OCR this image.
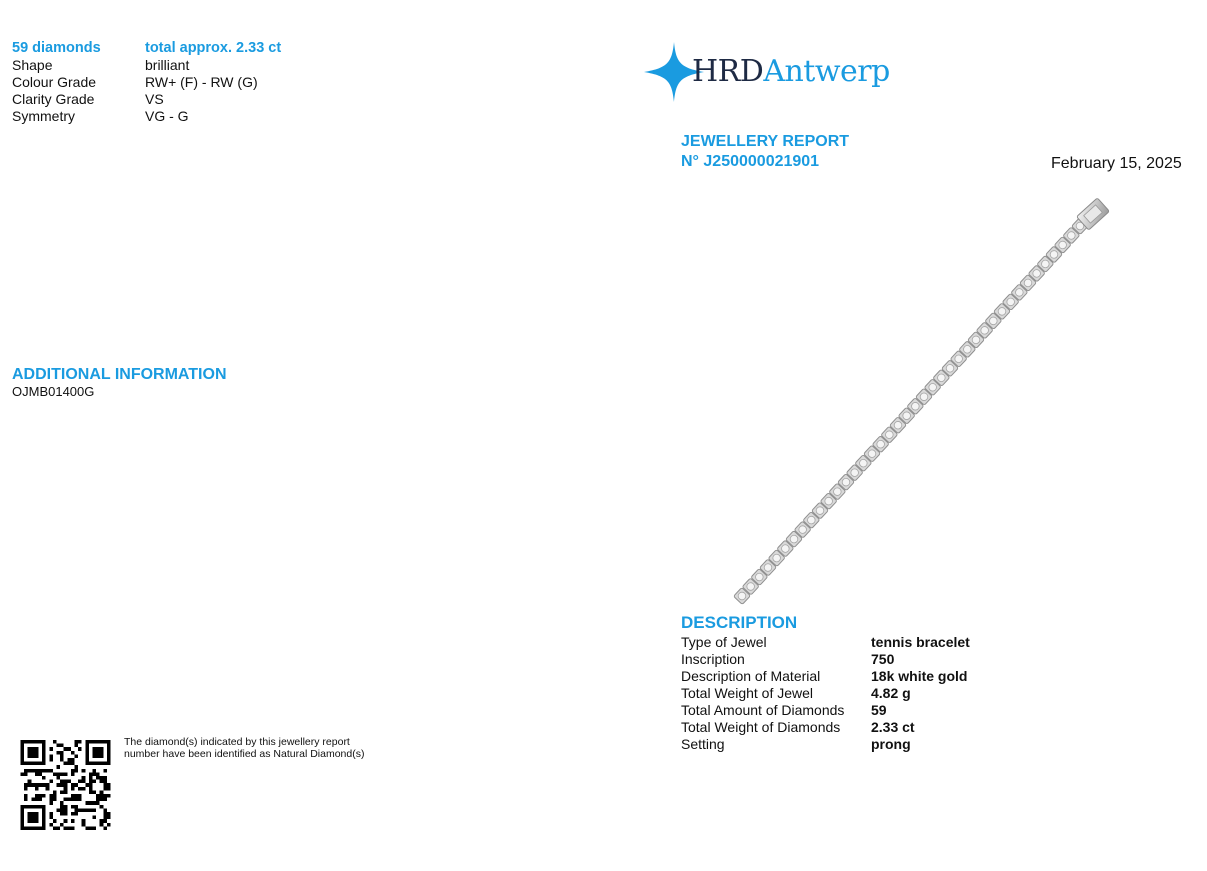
59 diamonds	total approx. 2.33 ct
Shape	brilliant
Colour Grade	RW+ (F) - RW (G)
Clarity Grade	VS
Symmetry	VG - G
ADDITIONAL INFORMATION
OJMB01400G
The diamond(s) indicated by this jewellery report number have been identified as Natural Diamond(s)
HRDAntwerp
JEWELLERY REPORT
N° J250000021901	February 15, 2025
DESCRIPTION
Type of Jewel	tennis bracelet
Inscription	750
Description of Material	18k white gold
Total Weight of Jewel	4.82 g
Total Amount of Diamonds	59
Total Weight of Diamonds	2.33 ct
Setting	prong
